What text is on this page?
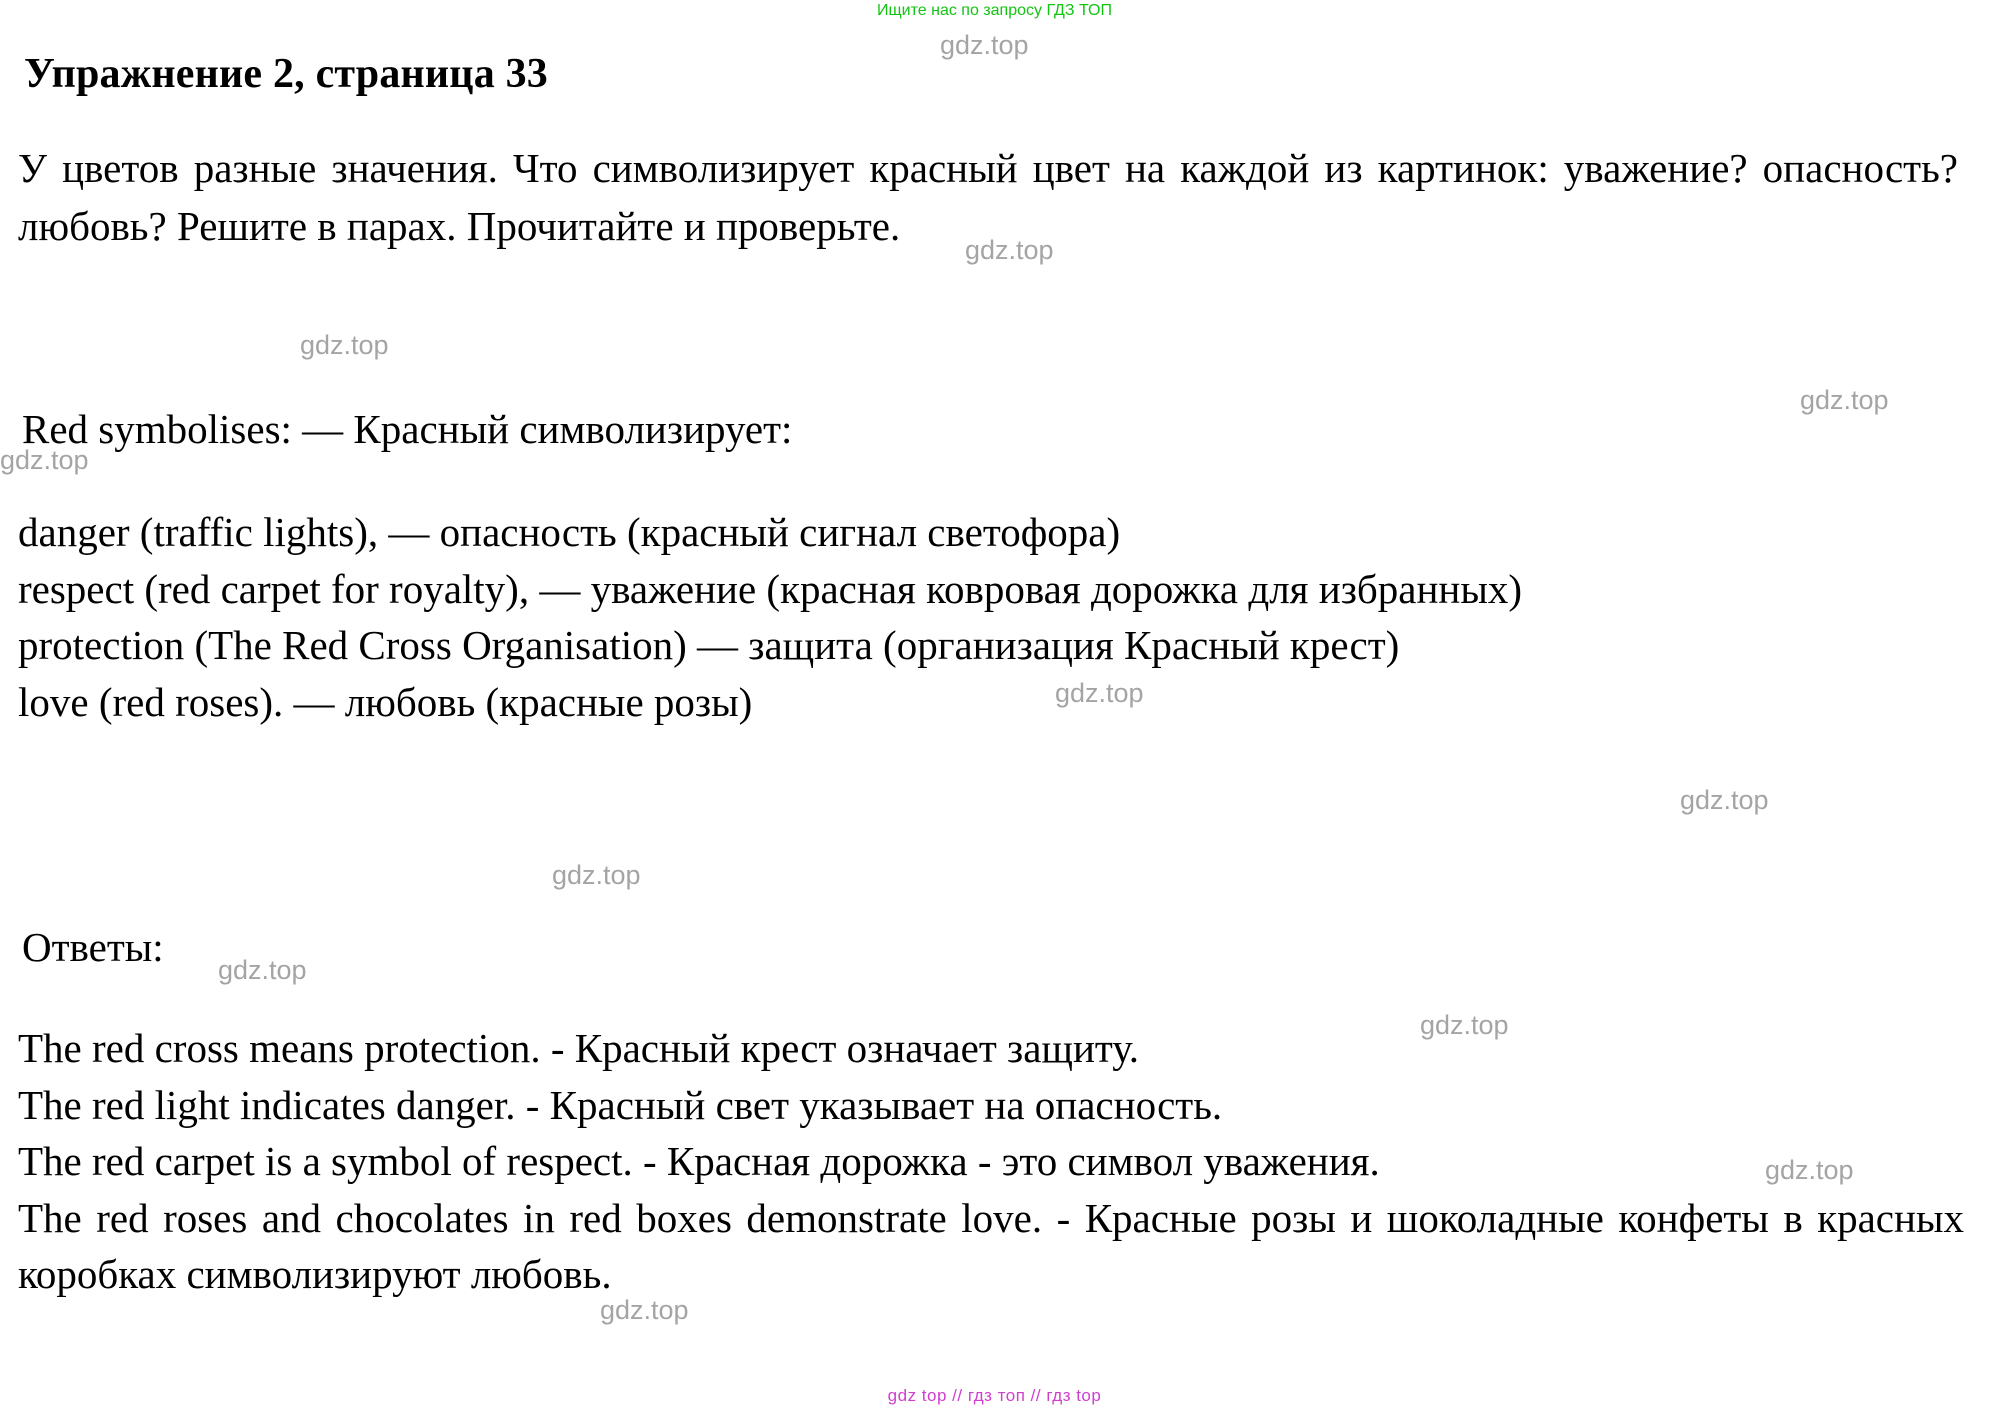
Ищите нас по запросу ГДЗ ТОП
Упражнение 2, страница 33

У цветов разные значения. Что символизирует красный цвет на каждой из картинок: уважение? опасность? любовь? Решите в парах. Прочитайте и проверьте.

Red symbolises: — Красный символизирует:

danger (traffic lights), — опасность (красный сигнал светофора)
respect (red carpet for royalty), — уважение (красная ковровая дорожка для избранных)
protection (The Red Cross Organisation) — защита (организация Красный крест)
love (red roses). — любовь (красные розы)

Ответы:

The red cross means protection. - Красный крест означает защиту.
The red light indicates danger. - Красный свет указывает на опасность.
The red carpet is a symbol of respect. - Красная дорожка - это символ уважения.
The red roses and chocolates in red boxes demonstrate love. - Красные розы и шоколадные конфеты в красных коробках символизируют любовь.
gdz.top
gdz.top
gdz.top
gdz.top
gdz.top
gdz.top
gdz.top
gdz.top
gdz.top
gdz.top
gdz.top
gdz.top
gdz top // гдз топ // гдз top
